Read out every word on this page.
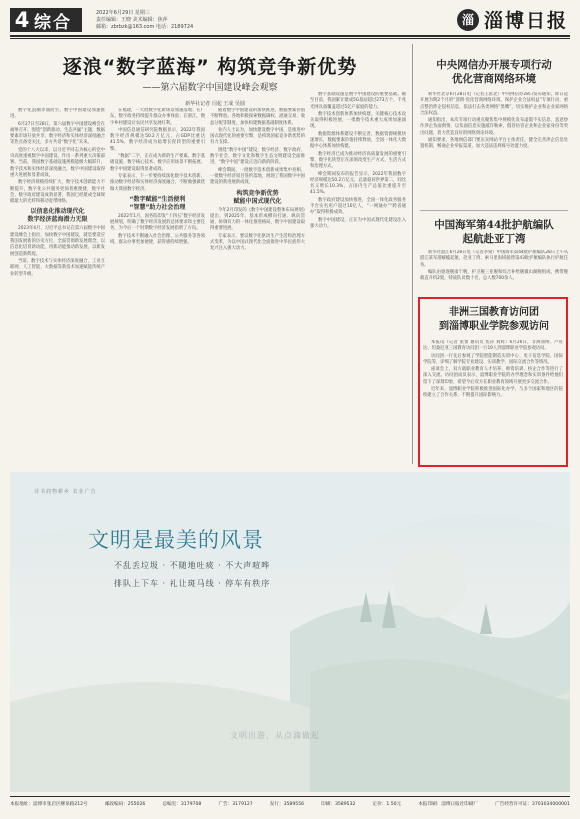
4 综合	2022年6月29日 星期三
责任编辑：王晓 美术编辑：焦萍
邮箱：zbrbzk@163.com 电话：2189724	淄 淄博日报
逐浪“数字蓝海” 构筑竞争新优势
——第六届数字中国建设峰会观察
新华社记者 闫起 王成 吴圆

数字化浪潮奔涌而至，数字中国建设加速推进。

6月27日至28日，第六届数字中国建设峰会在福州召开。围绕“创新驱动，生态共赢”主题，数据要素市场开放共享、数字经济和实体经济深度融合等热点备受关注，多方共话“数字化”未来。

党的十八大以来，以习近平同志为核心的党中央高度重视数字中国建设，作出一系列重大决策部署。当前，我国数字基础设施规模能级大幅跃升，数字技术和实体经济深度融合，数字中国建设取得重大进展和显著成效。

数字经济规模持续扩大，数字技术创新能力不断提升，数字化公共服务更加普惠便捷，数字社会、数字政府建设成效显著，我国已经建成全球规模最大的光纤和移动宽带网络。

以信息化推动现代化
数字经济蓝海潜力无限

2023年4月，习近平总书记在第六届数字中国建设峰会上指出，加快数字中国建设，就是要适应我国发展新的历史方位，全面贯彻新发展理念，以信息化培育新动能，用新动能推动新发展，以新发展创造新辉煌。

当前，数字技术与实体经济深度融合，工业互联网、人工智能、大数据等新技术加速赋能传统产业转型升级。

在福建，一大批数字化新场景加速落地；在广东，数字政务持续提升群众办事体验；在浙江，数字乡村建设让农民共享发展红利。

中国信息通信研究院数据显示，2022年我国数字经济规模达50.2万亿元，占GDP比重达41.5%，数字经济成为稳增长促转型的重要引擎。

“数据”二字，正在成为新的生产要素。数字基础设施、数字核心技术、数字应用场景不断拓展，数字中国建设取得显著成效。

专家表示，下一步要持续深化数字技术创新，推动数字经济和实体经济深度融合，不断做强做优做大我国数字经济。

“数字赋能”生活便利
“智慧”助力社会治理

2022年1月，国务院印发“十四五”数字经济发展规划，明确了数字经济发展的总体要求和主要任务，为今后一个时期数字经济发展指明了方向。

数字技术不断融入社会治理、公共服务等各领域，群众办事更加便捷，获得感持续增强。

随着数字中国建设的加快推进，数据要素价值不断释放。各地积极探索数据确权、流通交易、收益分配等制度，加快构建数据基础制度体系。

业内人士认为，加快建设数字中国，是推进中国式现代化的重要引擎，是构筑国家竞争新优势的有力支撑。

围绕“数字中国”建设，数字经济、数字政府、数字社会、数字文化和数字生态文明建设全面推进，“数字中国”建设正迈向新的阶段。

峰会期间，一批数字技术创新成果集中亮相，一批数字经济项目签约落地，展现了我国数字中国建设的新进展新成效。

构筑竞争新优势
赋能中国式现代化

今年2月印发的《数字中国建设整体布局规划》提出，到2025年，基本形成横向打通、纵向贯通、协调有力的一体化推进格局，数字中国建设取得重要进展。

专家表示，要以数字化驱动生产生活和治理方式变革，为以中国式现代化全面推进中华民族伟大复兴注入强大动力。

数字基础设施是数字中国建设的重要基础。截至目前，我国累计建成5G基站超过273万个，千兆光网具备覆盖超过5亿户家庭的能力。

数字技术创新体系加快构建，关键核心技术攻关取得积极进展，一批数字技术重大成果加速涌现。

数据资源体系建设不断完善，数据资源规模快速增长，数据要素价值持续释放，全国一体化大数据中心体系加快构建。

数字经济已成为推动经济高质量发展的重要引擎，数字化转型正在深刻改变生产方式、生活方式和治理方式。

峰会期间发布的报告显示，2022年我国数字经济规模达50.2万亿元，总量稳居世界第二，同比名义增长10.3%，占国内生产总值比重提升至41.5%。

数字政府建设加快推进，全国一体化政务服务平台实名用户超过10亿人，“一网通办”“跨省通办”取得积极成效。

数字中国建设，正在为中国式现代化建设注入强大动力。

中央网信办开展专项行动
优化营商网络环境

新华社北京6月28日电（记者王思北）中央网信办28日发布通知，即日起开展为期2个月的“清朗·优化营商网络环境、保护企业合法权益”专项行动，重点整治涉企侵权信息，依法打击各类网络“黑嘴”，切实维护企业和企业家网络合法权益。

通知指出，本次专项行动重点聚焦集中规模化发布虚假不实信息、恶意炒作涉企负面舆情、以负面信息实施敲诈勒索、假冒仿冒企业和企业家身份等突出问题，着力营造良好的网络舆论环境。

通知要求，各地网信部门要压实网站平台主体责任，健全完善涉企信息处置机制，畅通企业举报渠道，加大违法违规账号处置力度。

中国海军第44批护航编队
起航赴亚丁湾

新华社湛江6月28日电（记者李梁）中国海军第44批护航编队28日上午从湛江某军港解缆起航，赴亚丁湾、索马里海域接替第43批护航编队执行护航任务。

编队由驱逐舰南宁舰、护卫舰三亚舰和综合补给舰微山湖舰组成，携带舰载直升机2架，特战队员数十名，总人数700余人。

非洲三国教育访问团
到淄博职业学院参观访问

本报讯（记者 张蕾 通讯员 焦萍 刘辉）6月26日，非洲加纳、卢旺达、坦桑尼亚三国教育访问团一行19人到淄博职业学院参观访问。

访问团一行先后参观了学院智能制造实训中心、电子信息学院、国际学院等，详细了解学院专业建设、实训教学、国际交流合作等情况。

座谈会上，双方就职业教育人才培养、师资培训、校企合作等进行了深入交流。访问团成员表示，淄博职业学院的办学理念和实训条件给他们留下了深刻印象，希望今后双方在职业教育领域开展更多交流合作。

近年来，淄博职业学院积极推进国际化办学，与多个国家和地区的院校建立了合作关系，不断提升国际影响力。

诗书润物耕乡 农业广告
文明是最美的风景
不乱丢垃圾 · 不随地吐痰 · 不大声喧哗
排队上下车 · 礼让斑马线 · 停车有秩序
文明出游，从点滴做起
本报地址：淄博市张店区柳泉路212号	邮政编码：255026	总编室：3179708	广告：3179127	发行：3589556	印刷：3589532	定价：1.50元	本报印刷：淄博日报社印刷厂	广告经营许可证：3703034000001
